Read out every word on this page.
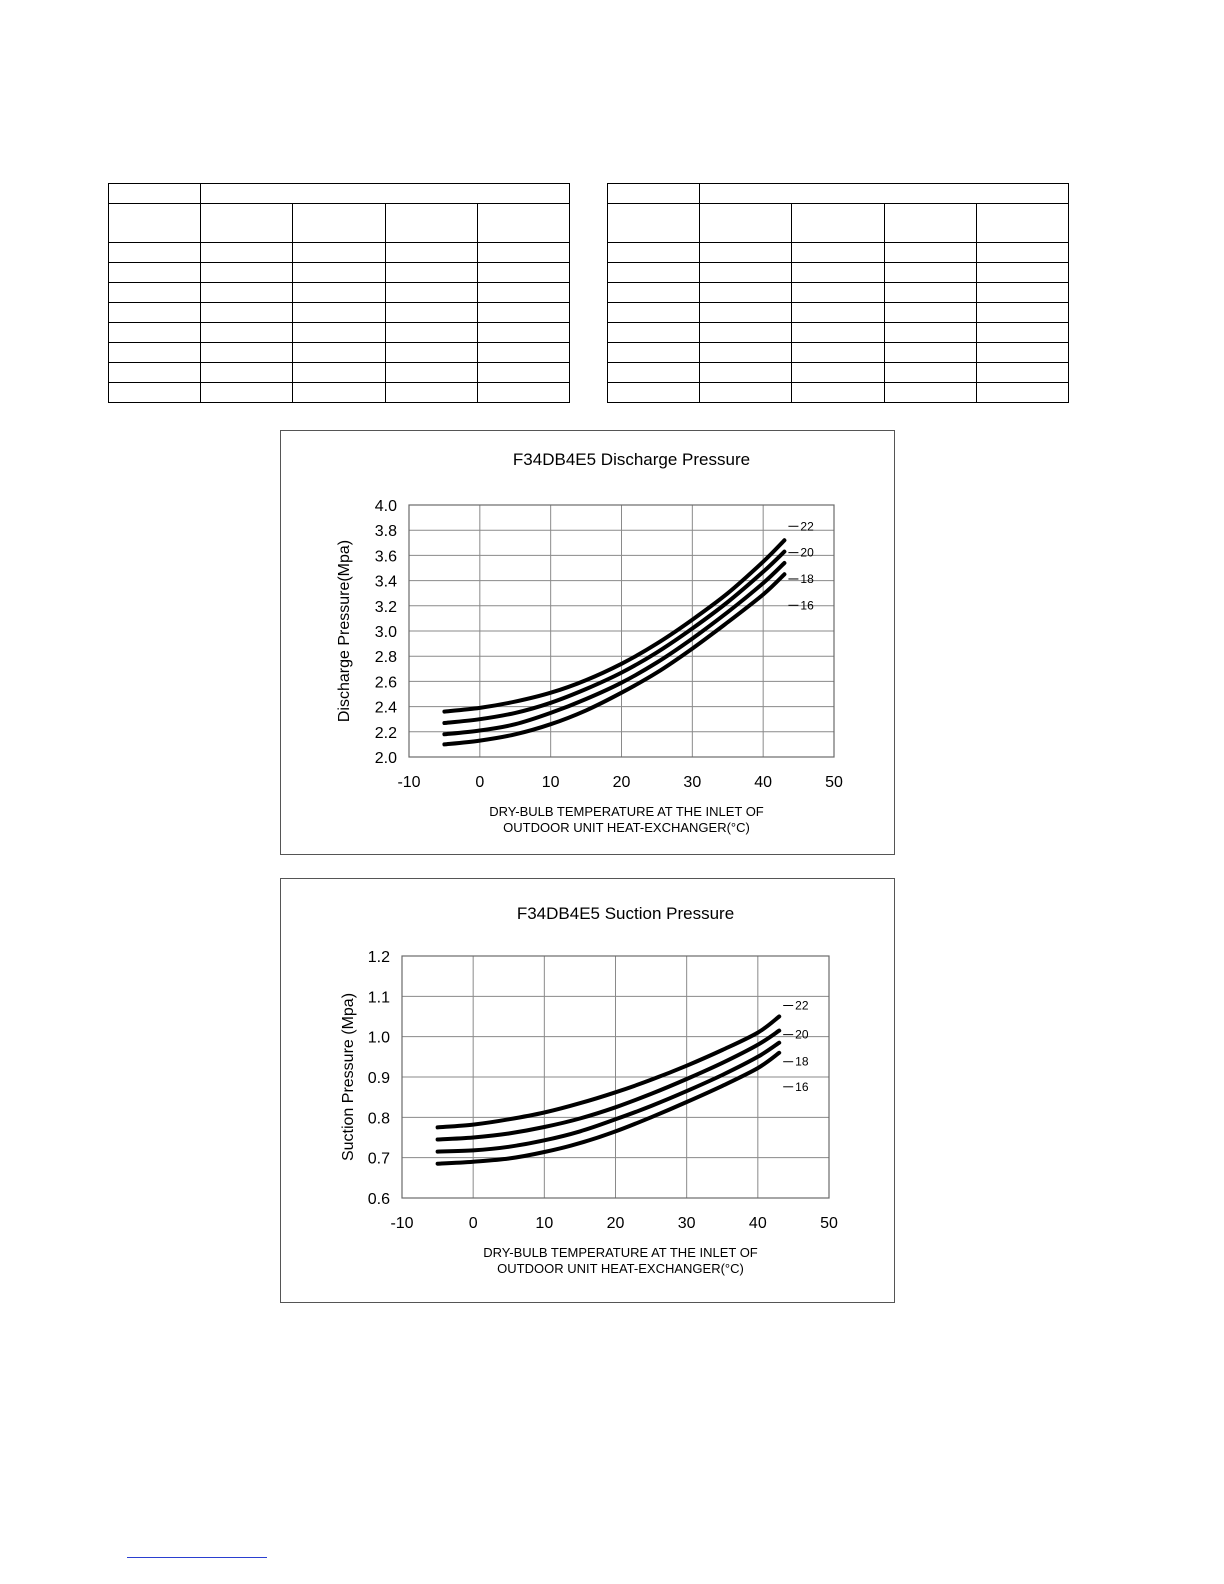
F34DB4E5 Discharge Pressure
-10	0	10	20	30	40	50
2.0
2.2
2.4
2.6
2.8
3.0
3.2
3.4
3.6
3.8
4.0
DRY-BULB TEMPERATURE AT THE INLET OF OUTDOOR UNIT HEAT-EXCHANGER(°C)
Discharge Pressure(Mpa)
22
20
18
16
F34DB4E5 Suction Pressure
-10	0	10	20	30	40	50
0.6
0.7
0.8
0.9
1.0
1.1
1.2
DRY-BULB TEMPERATURE AT THE INLET OF OUTDOOR UNIT HEAT-EXCHANGER(°C)
Suction Pressure (Mpa)	22
20
18
16
